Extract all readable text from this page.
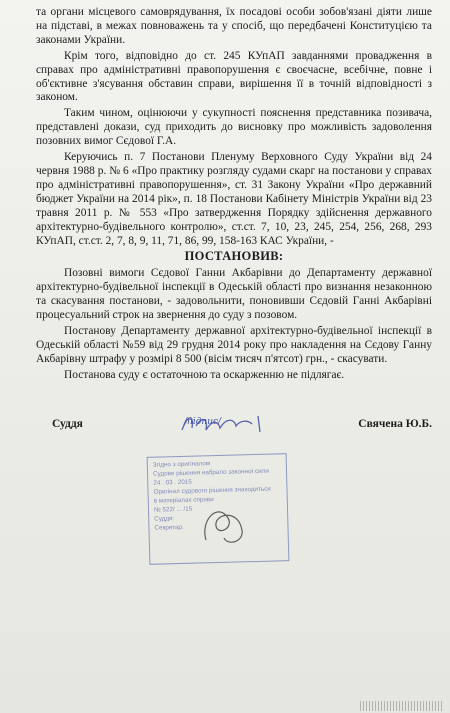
та органи місцевого самоврядування, їх посадові особи зобов'язані діяти лише на підставі, в межах повноважень та у спосіб, що передбачені Конституцією та законами України.

Крім того, відповідно до ст. 245 КУпАП завданнями провадження в справах про адміністративні правопорушення є своєчасне, всебічне, повне і об'єктивне з'ясування обставин справи, вирішення її в точній відповідності з законом.

Таким чином, оцінюючи у сукупності пояснення представника позивача, представлені докази, суд приходить до висновку про можливість задоволення позовних вимог Сєдової Г.А.

Керуючись п. 7 Постанови Пленуму Верховного Суду України від 24 червня 1988 р. № 6 «Про практику розгляду судами скарг на постанови у справах про адміністративні правопорушення», ст. 31 Закону України «Про державний бюджет України на 2014 рік», п. 18 Постанови Кабінету Міністрів України від 23 травня 2011 р. № 553 «Про затвердження Порядку здійснення державного архітектурно-будівельного контролю», ст.ст. 7, 10, 23, 245, 254, 256, 268, 293 КУпАП, ст.ст. 2, 7, 8, 9, 11, 71, 86, 99, 158-163 КАС України, -

ПОСТАНОВИВ:

Позовні вимоги Сєдової Ганни Акбарівни до Департаменту державної архітектурно-будівельної інспекції в Одеській області про визнання незаконною та скасування постанови, - задовольнити, поновивши Сєдовій Ганні Акбарівні процесуальний строк на звернення до суду з позовом.

Постанову Департаменту державної архітектурно-будівельної інспекції в Одеській області №59 від 29 грудня 2014 року про накладення на Сєдову Ганну Акбарівну штрафу у розмірі 8 500 (вісім тисяч п'ятсот) грн., - скасувати.

Постанова суду є остаточною та оскарженню не підлягає.

Суддя	Свячена Ю.Б.
/підпис/
Згідно з оригіналом
Судове рішення набрало законної сили
24 . 03 . 2015
Оригінал судового рішення знаходиться
в матеріалах справи
№ 522/ ... /15
Суддя:
Секретар:
